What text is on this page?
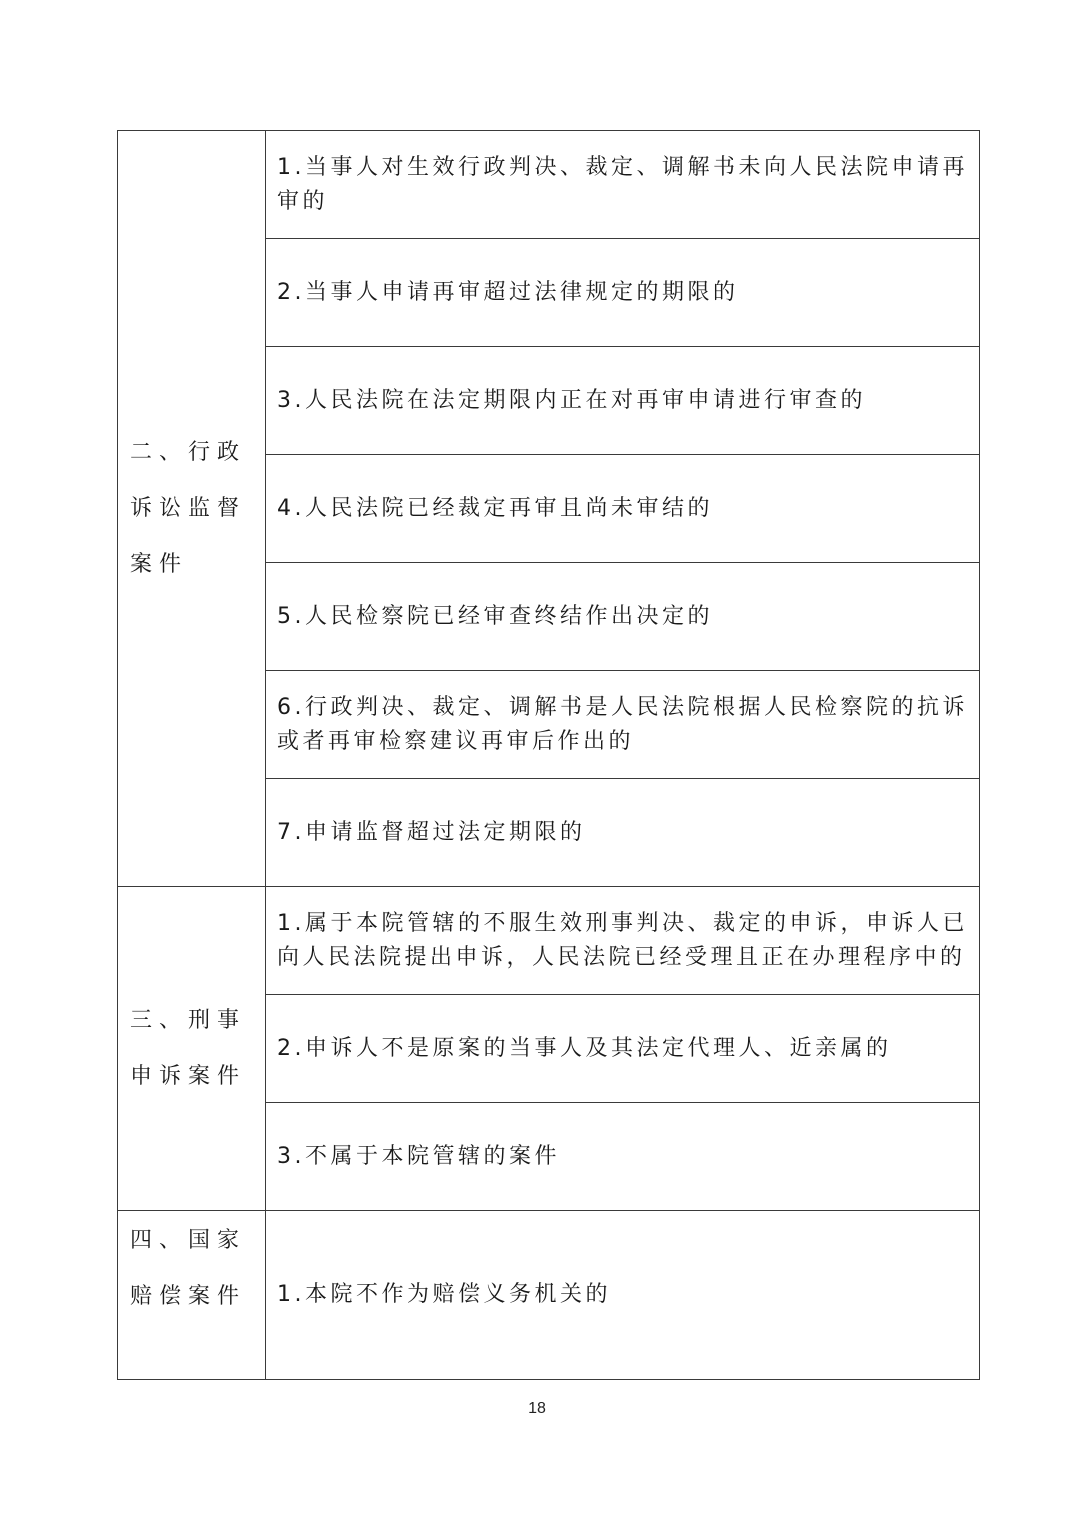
二、行政诉讼监督案件	1.当事人对生效行政判决、裁定、调解书未向人民法院申请再审的
	2.当事人申请再审超过法律规定的期限的
	3.人民法院在法定期限内正在对再审申请进行审查的
	4.人民法院已经裁定再审且尚未审结的
	5.人民检察院已经审查终结作出决定的
	6.行政判决、裁定、调解书是人民法院根据人民检察院的抗诉或者再审检察建议再审后作出的
	7.申请监督超过法定期限的
三、刑事申诉案件	1.属于本院管辖的不服生效刑事判决、裁定的申诉，申诉人已向人民法院提出申诉，人民法院已经受理且正在办理程序中的
	2.申诉人不是原案的当事人及其法定代理人、近亲属的
	3.不属于本院管辖的案件
四、国家赔偿案件	1.本院不作为赔偿义务机关的
18
